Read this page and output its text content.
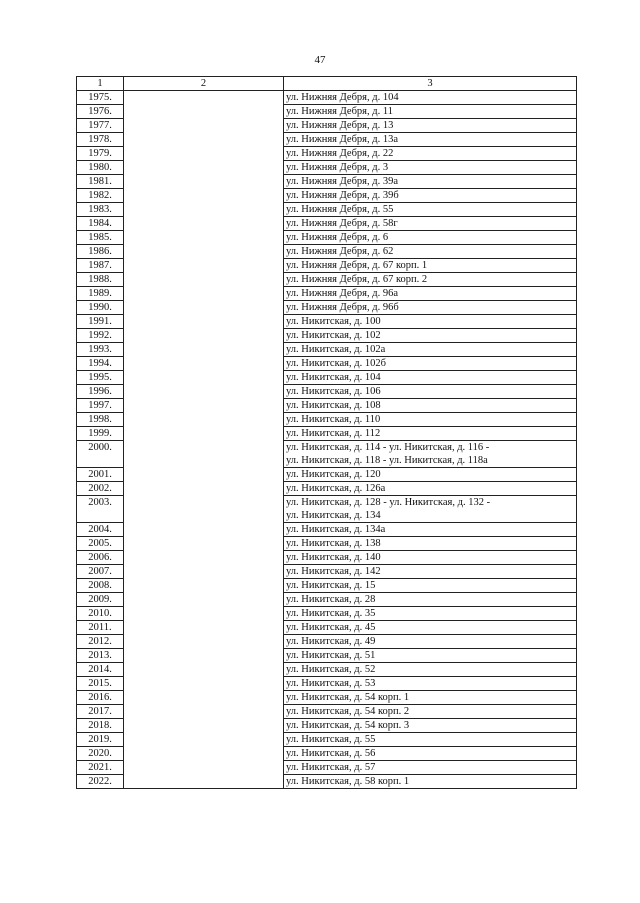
47
1	2	3
1975.		ул. Нижняя Дебря, д. 104

1976.		ул. Нижняя Дебря, д. 11

1977.		ул. Нижняя Дебря, д. 13

1978.		ул. Нижняя Дебря, д. 13а

1979.		ул. Нижняя Дебря, д. 22

1980.		ул. Нижняя Дебря, д. 3

1981.		ул. Нижняя Дебря, д. 39а

1982.		ул. Нижняя Дебря, д. 39б

1983.		ул. Нижняя Дебря, д. 55

1984.		ул. Нижняя Дебря, д. 58г

1985.		ул. Нижняя Дебря, д. 6

1986.		ул. Нижняя Дебря, д. 62

1987.		ул. Нижняя Дебря, д. 67 корп. 1

1988.		ул. Нижняя Дебря, д. 67 корп. 2

1989.		ул. Нижняя Дебря, д. 96а

1990.		ул. Нижняя Дебря, д. 96б

1991.		ул. Никитская, д. 100

1992.		ул. Никитская, д. 102

1993.		ул. Никитская, д. 102а

1994.		ул. Никитская, д. 102б

1995.		ул. Никитская, д. 104

1996.		ул. Никитская, д. 106

1997.		ул. Никитская, д. 108

1998.		ул. Никитская, д. 110

1999.		ул. Никитская, д. 112

2000.		ул. Никитская, д. 114 - ул. Никитская, д. 116 -
ул. Никитская, д. 118 - ул. Никитская, д. 118а

2001.		ул. Никитская, д. 120

2002.		ул. Никитская, д. 126а

2003.		ул. Никитская, д. 128 - ул. Никитская, д. 132 -
ул. Никитская, д. 134

2004.		ул. Никитская, д. 134а

2005.		ул. Никитская, д. 138

2006.		ул. Никитская, д. 140

2007.		ул. Никитская, д. 142

2008.		ул. Никитская, д. 15

2009.		ул. Никитская, д. 28

2010.		ул. Никитская, д. 35

2011.		ул. Никитская, д. 45

2012.		ул. Никитская, д. 49

2013.		ул. Никитская, д. 51

2014.		ул. Никитская, д. 52

2015.		ул. Никитская, д. 53

2016.		ул. Никитская, д. 54 корп. 1

2017.		ул. Никитская, д. 54 корп. 2

2018.		ул. Никитская, д. 54 корп. 3

2019.		ул. Никитская, д. 55

2020.		ул. Никитская, д. 56

2021.		ул. Никитская, д. 57

2022.		ул. Никитская, д. 58 корп. 1
